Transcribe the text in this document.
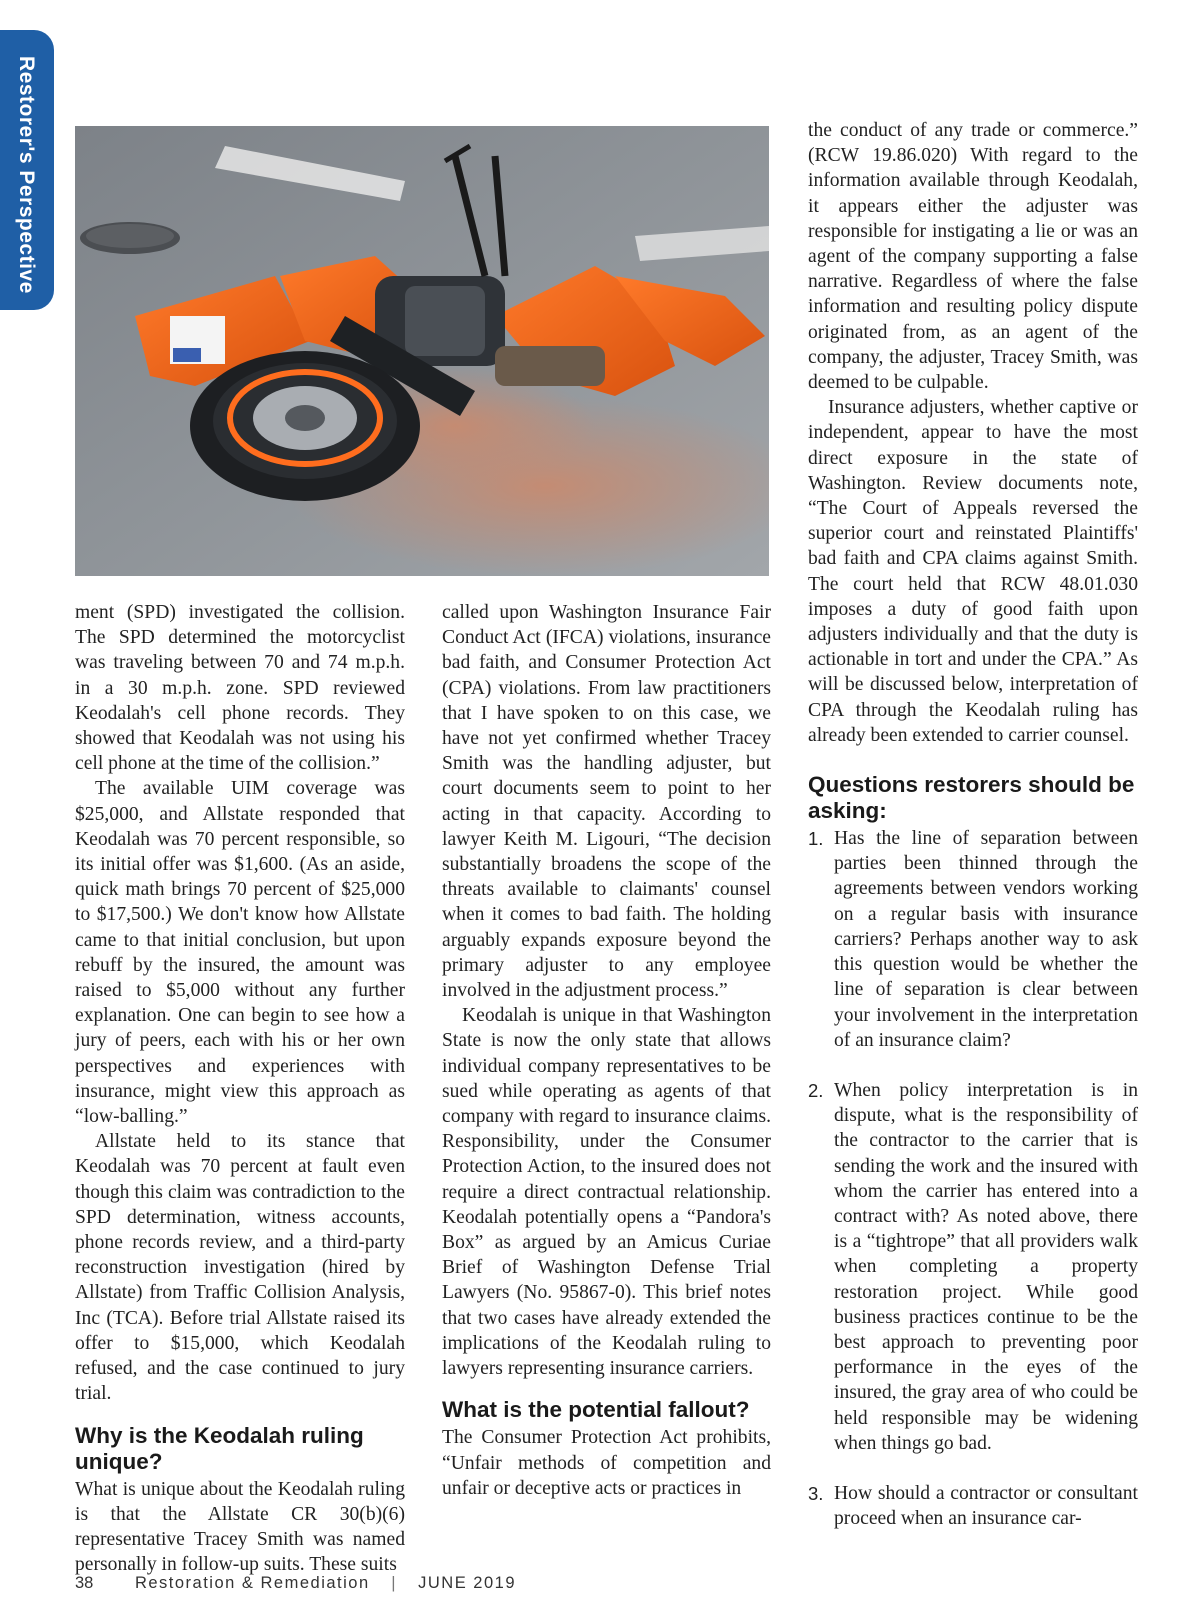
Restorer's Perspective

ment (SPD) investigated the collision. The SPD determined the motorcyclist was traveling between 70 and 74 m.p.h. in a 30 m.p.h. zone. SPD reviewed Keodalah's cell phone records. They showed that Keodalah was not using his cell phone at the time of the collision.”

The available UIM coverage was $25,000, and Allstate responded that Keodalah was 70 percent responsible, so its initial offer was $1,600. (As an aside, quick math brings 70 percent of $25,000 to $17,500.) We don't know how Allstate came to that initial conclusion, but upon rebuff by the insured, the amount was raised to $5,000 without any further explanation. One can begin to see how a jury of peers, each with his or her own perspectives and experiences with insurance, might view this approach as “low-balling.”

Allstate held to its stance that Keodalah was 70 percent at fault even though this claim was contradiction to the SPD determination, witness accounts, phone records review, and a third-party reconstruction investigation (hired by Allstate) from Traffic Collision Analysis, Inc (TCA). Before trial Allstate raised its offer to $15,000, which Keodalah refused, and the case continued to jury trial.

Why is the Keodalah ruling unique?

What is unique about the Keodalah ruling is that the Allstate CR 30(b)(6) representative Tracey Smith was named personally in follow-up suits. These suits

called upon Washington Insurance Fair Conduct Act (IFCA) violations, insurance bad faith, and Consumer Protection Act (CPA) violations. From law practitioners that I have spoken to on this case, we have not yet confirmed whether Tracey Smith was the handling adjuster, but court documents seem to point to her acting in that capacity. According to lawyer Keith M. Ligouri, “The decision substantially broadens the scope of the threats available to claimants' counsel when it comes to bad faith. The holding arguably expands exposure beyond the primary adjuster to any employee involved in the adjustment process.”

Keodalah is unique in that Washington State is now the only state that allows individual company representatives to be sued while operating as agents of that company with regard to insurance claims. Responsibility, under the Consumer Protection Action, to the insured does not require a direct contractual relationship. Keodalah potentially opens a “Pandora's Box” as argued by an Amicus Curiae Brief of Washington Defense Trial Lawyers (No. 95867-0). This brief notes that two cases have already extended the implications of the Keodalah ruling to lawyers representing insurance carriers.

What is the potential fallout?

The Consumer Protection Act prohibits, “Unfair methods of competition and unfair or deceptive acts or practices in

the conduct of any trade or commerce.” (RCW 19.86.020) With regard to the information available through Keodalah, it appears either the adjuster was responsible for instigating a lie or was an agent of the company supporting a false narrative. Regardless of where the false information and resulting policy dispute originated from, as an agent of the company, the adjuster, Tracey Smith, was deemed to be culpable.

Insurance adjusters, whether captive or independent, appear to have the most direct exposure in the state of Washington. Review documents note, “The Court of Appeals reversed the superior court and reinstated Plaintiffs' bad faith and CPA claims against Smith. The court held that RCW 48.01.030 imposes a duty of good faith upon adjusters individually and that the duty is actionable in tort and under the CPA.” As will be discussed below, interpretation of CPA through the Keodalah ruling has already been extended to carrier counsel.

Questions restorers should be asking:
1. Has the line of separation between parties been thinned through the agreements between vendors working on a regular basis with insurance carriers? Perhaps another way to ask this question would be whether the line of separation is clear between your involvement in the interpretation of an insurance claim?
2. When policy interpretation is in dispute, what is the responsibility of the contractor to the carrier that is sending the work and the insured with whom the carrier has entered into a contract with? As noted above, there is a “tightrope” that all providers walk when completing a property restoration project. While good business practices continue to be the best approach to preventing poor performance in the eyes of the insured, the gray area of who could be held responsible may be widening when things go bad.
3. How should a contractor or consultant proceed when an insurance car-
38	Restoration & Remediation | JUNE 2019
